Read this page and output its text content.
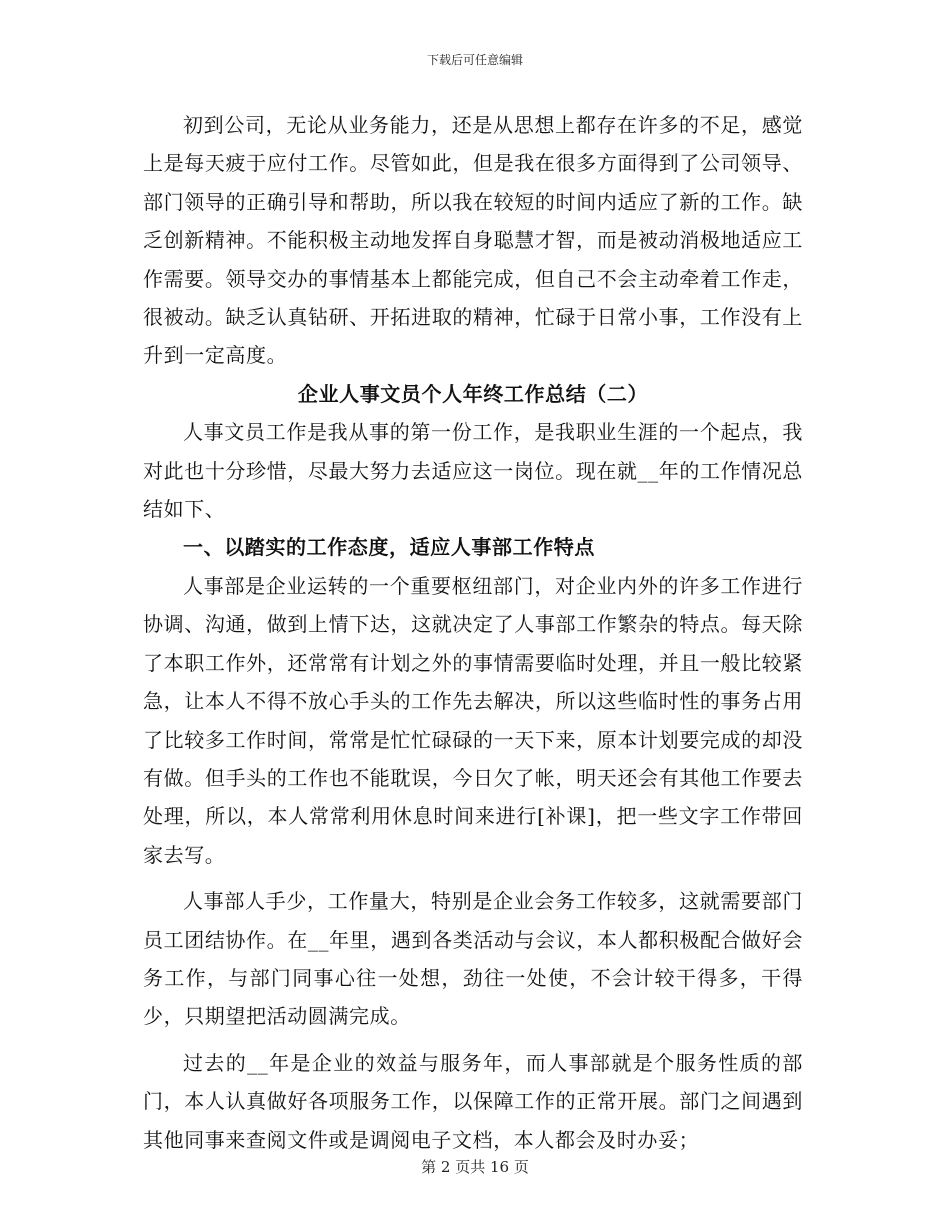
下载后可任意编辑

初到公司，无论从业务能力，还是从思想上都存在许多的不足，感觉上是每天疲于应付工作。尽管如此，但是我在很多方面得到了公司领导、部门领导的正确引导和帮助，所以我在较短的时间内适应了新的工作。缺乏创新精神。不能积极主动地发挥自身聪慧才智，而是被动消极地适应工作需要。领导交办的事情基本上都能完成，但自己不会主动牵着工作走，很被动。缺乏认真钻研、开拓进取的精神，忙碌于日常小事，工作没有上升到一定高度。

企业人事文员个人年终工作总结（二）

人事文员工作是我从事的第一份工作，是我职业生涯的一个起点，我对此也十分珍惜，尽最大努力去适应这一岗位。现在就__年的工作情况总结如下、

一、以踏实的工作态度，适应人事部工作特点

人事部是企业运转的一个重要枢纽部门，对企业内外的许多工作进行协调、沟通，做到上情下达，这就决定了人事部工作繁杂的特点。每天除了本职工作外，还常常有计划之外的事情需要临时处理，并且一般比较紧急，让本人不得不放心手头的工作先去解决，所以这些临时性的事务占用了比较多工作时间，常常是忙忙碌碌的一天下来，原本计划要完成的却没有做。但手头的工作也不能耽误，今日欠了帐，明天还会有其他工作要去处理，所以，本人常常利用休息时间来进行[补课]，把一些文字工作带回家去写。

人事部人手少，工作量大，特别是企业会务工作较多，这就需要部门员工团结协作。在__年里，遇到各类活动与会议，本人都积极配合做好会务工作，与部门同事心往一处想，劲往一处使，不会计较干得多，干得少，只期望把活动圆满完成。

过去的__年是企业的效益与服务年，而人事部就是个服务性质的部门，本人认真做好各项服务工作，以保障工作的正常开展。部门之间遇到其他同事来查阅文件或是调阅电子文档，本人都会及时办妥；

第 2 页共 16 页
